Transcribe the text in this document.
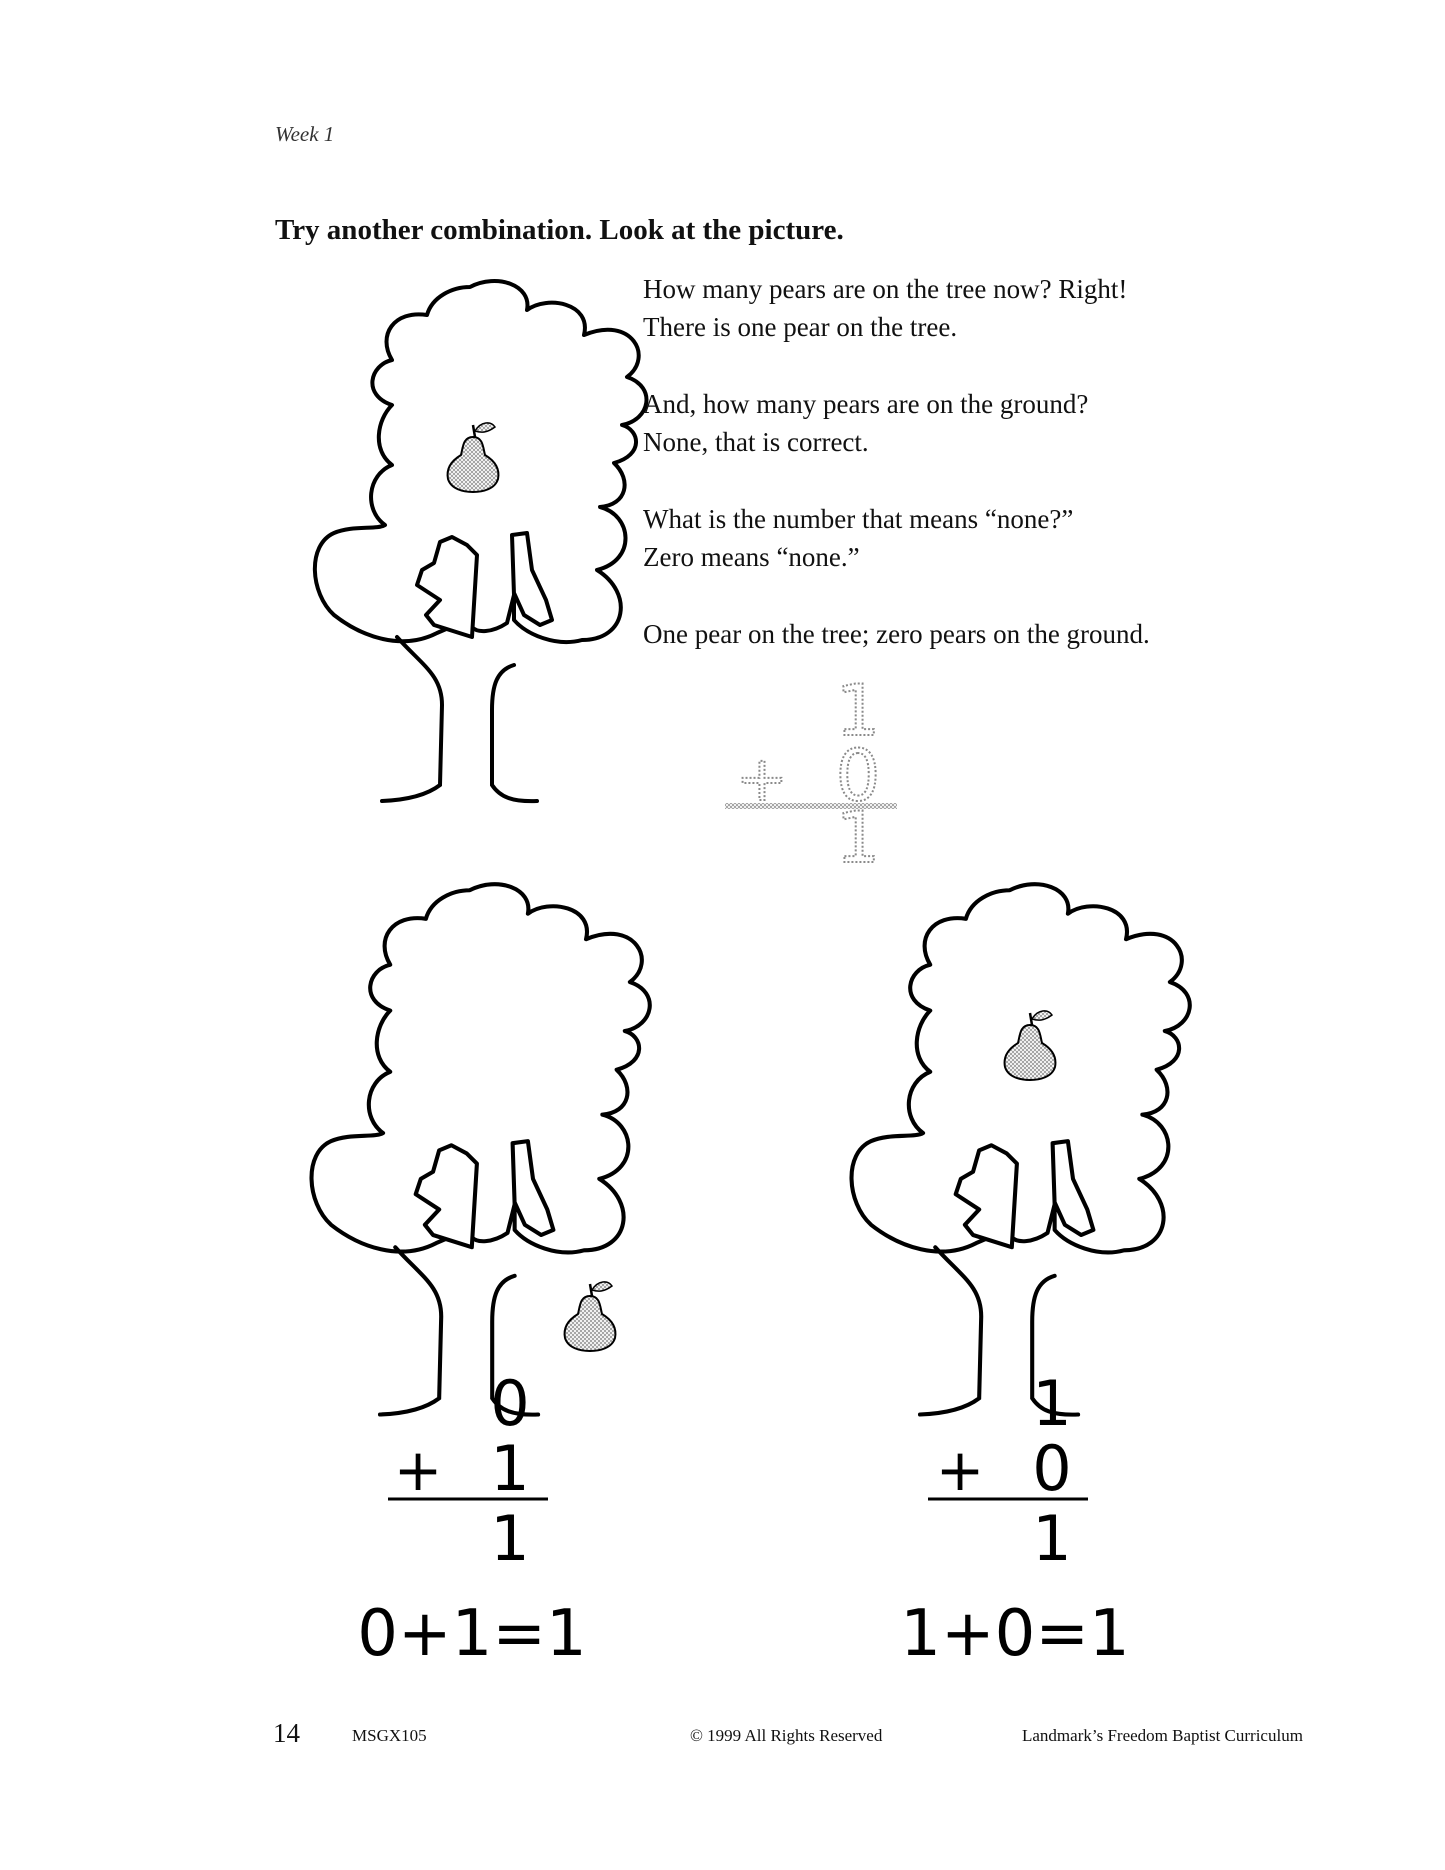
1
+ 0
1
0
+ 1
1
0+1=1
1
+ 0
1
1+0=1
Week 1
Try another combination. Look at the picture.
How many pears are on the tree now? Right!
There is one pear on the tree.
And, how many pears are on the ground?
None, that is correct.
What is the number that means “none?”
Zero means “none.”
One pear on the tree; zero pears on the ground.
14	MSGX105	© 1999 All Rights Reserved	Landmark’s Freedom Baptist Curriculum
